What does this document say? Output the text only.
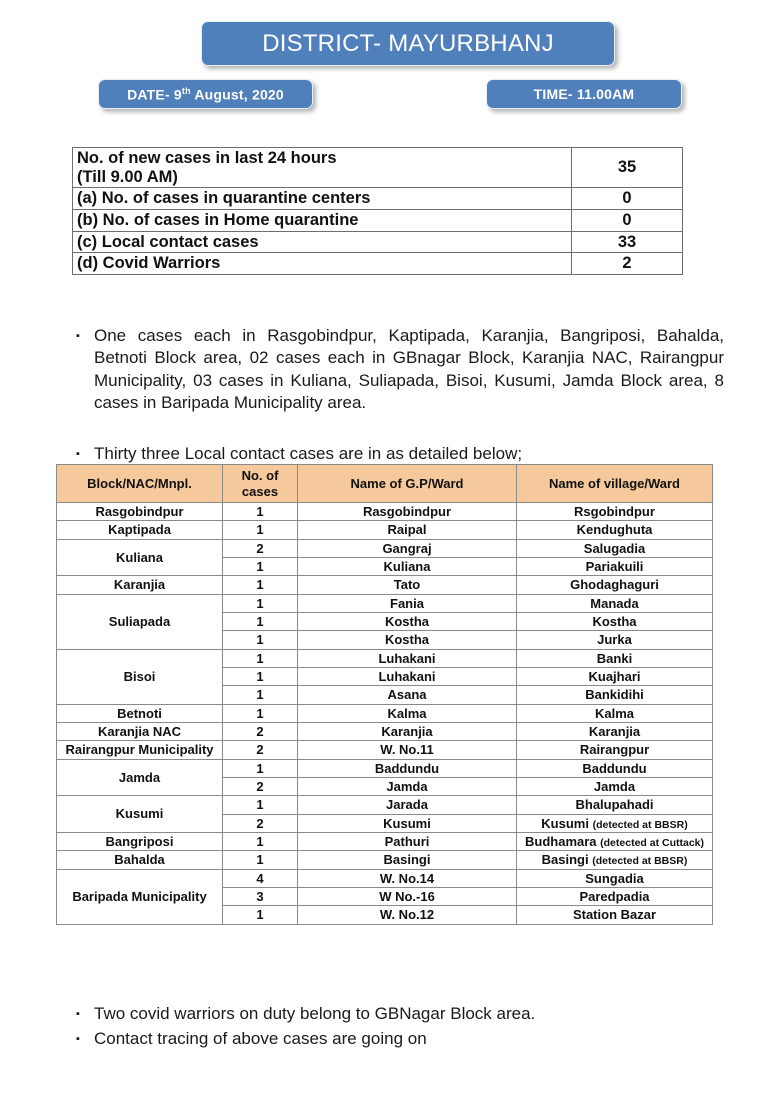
DISTRICT- MAYURBHANJ
DATE- 9th August, 2020	TIME- 11.00AM
No. of new cases in last 24 hours
(Till 9.00 AM)	35
(a) No. of cases in quarantine centers	0
(b) No. of cases in Home quarantine	0
(c) Local contact cases	33
(d) Covid Warriors	2
▪ One cases each in Rasgobindpur, Kaptipada, Karanjia, Bangriposi, Bahalda, Betnoti Block area, 02 cases each in GBnagar Block, Karanjia NAC, Rairangpur Municipality, 03 cases in Kuliana, Suliapada, Bisoi, Kusumi, Jamda Block area, 8 cases in Baripada Municipality area.
▪ Thirty three Local contact cases are in as detailed below;
Block/NAC/Mnpl.	No. of cases	Name of G.P/Ward	Name of village/Ward
Rasgobindpur	1	Rasgobindpur	Rsgobindpur
Kaptipada	1	Raipal	Kendughuta
Kuliana	2	Gangraj	Salugadia
	1	Kuliana	Pariakuili
Karanjia	1	Tato	Ghodaghaguri
Suliapada	1	Fania	Manada
	1	Kostha	Kostha
	1	Kostha	Jurka
Bisoi	1	Luhakani	Banki
	1	Luhakani	Kuajhari
	1	Asana	Bankidihi
Betnoti	1	Kalma	Kalma
Karanjia NAC	2	Karanjia	Karanjia
Rairangpur Municipality	2	W. No.11	Rairangpur
Jamda	1	Baddundu	Baddundu
	2	Jamda	Jamda
Kusumi	1	Jarada	Bhalupahadi
	2	Kusumi	Kusumi (detected at BBSR)
Bangriposi	1	Pathuri	Budhamara (detected at Cuttack)
Bahalda	1	Basingi	Basingi (detected at BBSR)
Baripada Municipality	4	W. No.14	Sungadia
	3	W No.-16	Paredpadia
	1	W. No.12	Station Bazar
▪ Two covid warriors on duty belong to GBNagar Block area.
▪ Contact tracing of above cases are going on
